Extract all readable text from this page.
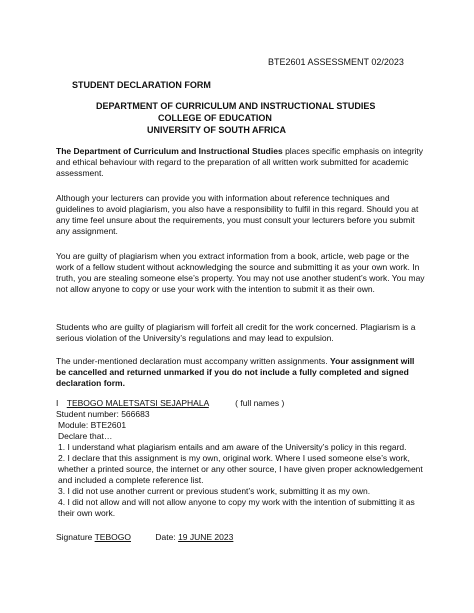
BTE2601 ASSESSMENT 02/2023
STUDENT DECLARATION FORM
DEPARTMENT OF CURRICULUM AND INSTRUCTIONAL STUDIES
COLLEGE OF EDUCATION
UNIVERSITY OF SOUTH AFRICA
The Department of Curriculum and Instructional Studies places specific emphasis on integrity and ethical behaviour with regard to the preparation of all written work submitted for academic assessment.
Although your lecturers can provide you with information about reference techniques and guidelines to avoid plagiarism, you also have a responsibility to fulfil in this regard. Should you at any time feel unsure about the requirements, you must consult your lecturers before you submit any assignment.
You are guilty of plagiarism when you extract information from a book, article, web page or the work of a fellow student without acknowledging the source and submitting it as your own work. In truth, you are stealing someone else’s property. You may not use another student’s work. You may not allow anyone to copy or use your work with the intention to submit it as their own.
Students who are guilty of plagiarism will forfeit all credit for the work concerned. Plagiarism is a serious violation of the University’s regulations and may lead to expulsion.
The under-mentioned declaration must accompany written assignments. Your assignment will be cancelled and returned unmarked if you do not include a fully completed and signed declaration form.
I TEBOGO MALETSATSI SEJAPHALA	( full names )
Student number: 566683
Module: BTE2601
Declare that…
1. I understand what plagiarism entails and am aware of the University’s policy in this regard.
2. I declare that this assignment is my own, original work. Where I used someone else’s work, whether a printed source, the internet or any other source, I have given proper acknowledgement and included a complete reference list.
3. I did not use another current or previous student’s work, submitting it as my own.
4. I did not allow and will not allow anyone to copy my work with the intention of submitting it as their own work.
Signature TEBOGO	Date: 19 JUNE 2023
